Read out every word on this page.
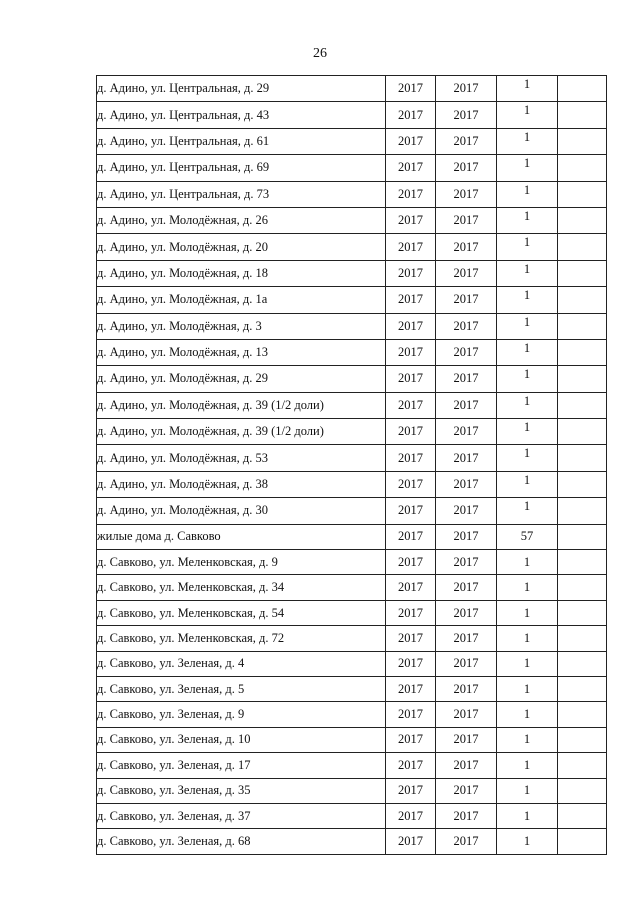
26
д. Адино, ул. Центральная, д. 29	2017	2017	1	
д. Адино, ул. Центральная, д. 43	2017	2017	1	
д. Адино, ул. Центральная, д. 61	2017	2017	1	
д. Адино, ул. Центральная, д. 69	2017	2017	1	
д. Адино, ул. Центральная, д. 73	2017	2017	1	
д. Адино, ул. Молодёжная, д. 26	2017	2017	1	
д. Адино, ул. Молодёжная, д. 20	2017	2017	1	
д. Адино, ул. Молодёжная, д. 18	2017	2017	1	
д. Адино, ул. Молодёжная, д. 1а	2017	2017	1	
д. Адино, ул. Молодёжная, д. 3	2017	2017	1	
д. Адино, ул. Молодёжная, д. 13	2017	2017	1	
д. Адино, ул. Молодёжная, д. 29	2017	2017	1	
д. Адино, ул. Молодёжная, д. 39 (1/2 доли)	2017	2017	1	
д. Адино, ул. Молодёжная, д. 39 (1/2 доли)	2017	2017	1	
д. Адино, ул. Молодёжная, д. 53	2017	2017	1	
д. Адино, ул. Молодёжная, д. 38	2017	2017	1	
д. Адино, ул. Молодёжная, д. 30	2017	2017	1	
жилые дома д. Савково	2017	2017	57	
д. Савково, ул. Меленковская, д. 9	2017	2017	1	
д. Савково, ул. Меленковская, д. 34	2017	2017	1	
д. Савково, ул. Меленковская, д. 54	2017	2017	1	
д. Савково, ул. Меленковская, д. 72	2017	2017	1	
д. Савково, ул. Зеленая, д. 4	2017	2017	1	
д. Савково, ул. Зеленая, д. 5	2017	2017	1	
д. Савково, ул. Зеленая, д. 9	2017	2017	1	
д. Савково, ул. Зеленая, д. 10	2017	2017	1	
д. Савково, ул. Зеленая, д. 17	2017	2017	1	
д. Савково, ул. Зеленая, д. 35	2017	2017	1	
д. Савково, ул. Зеленая, д. 37	2017	2017	1	
д. Савково, ул. Зеленая, д. 68	2017	2017	1	
